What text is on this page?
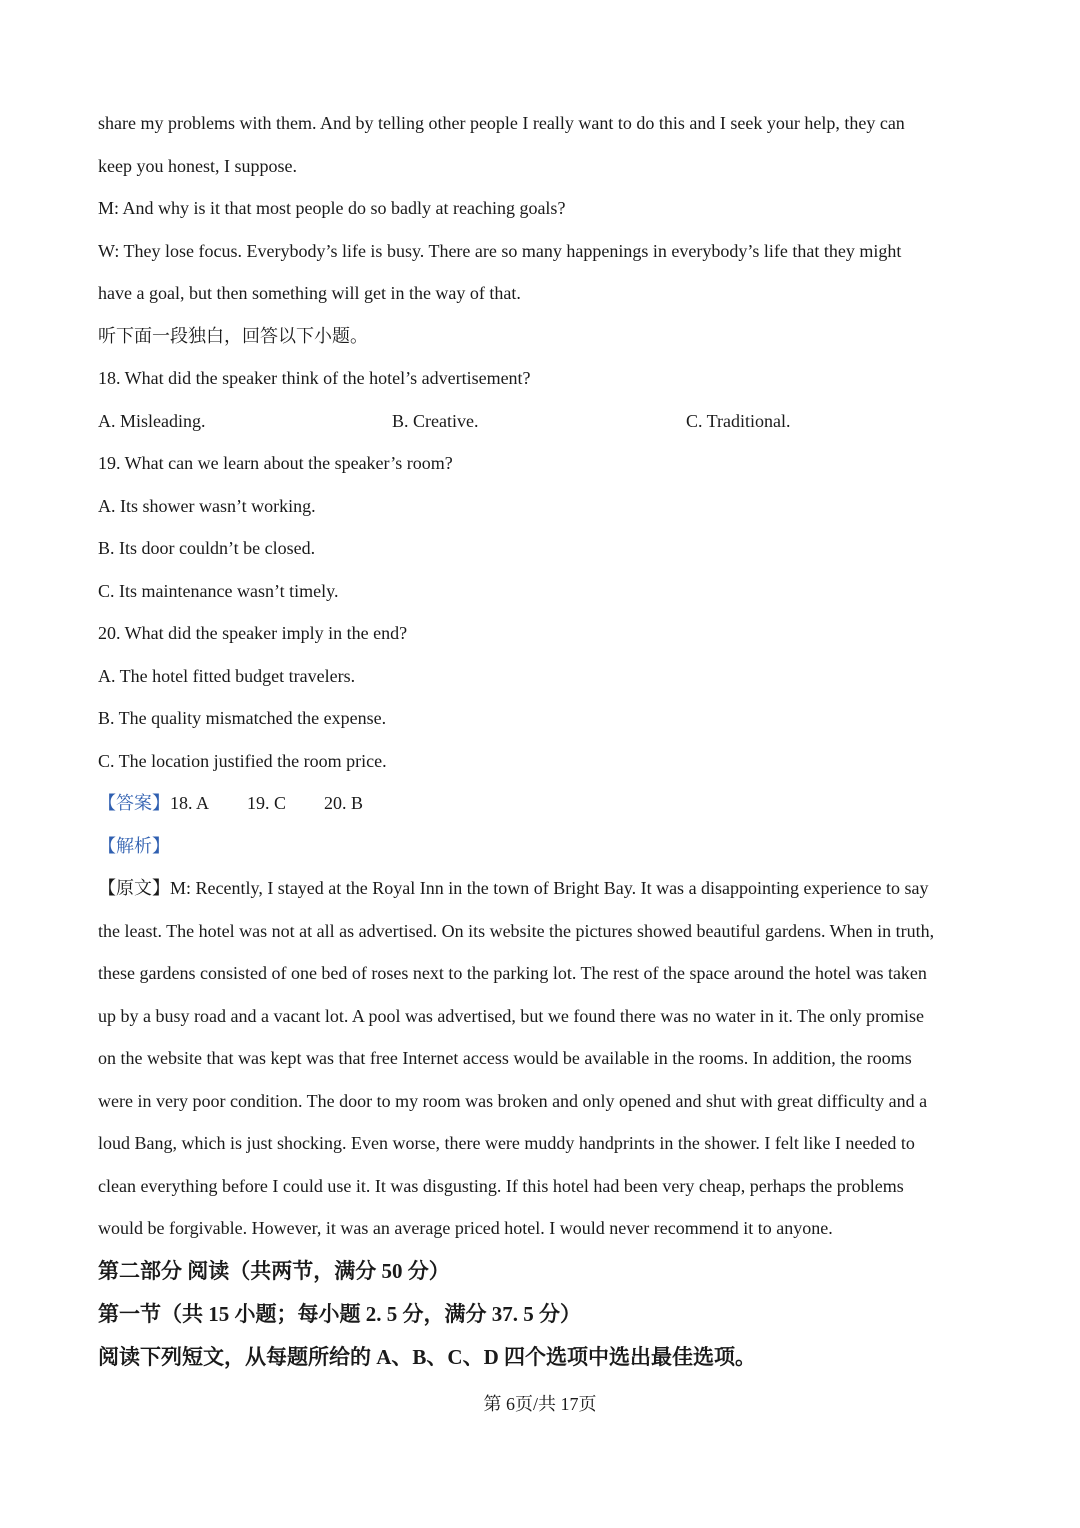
share my problems with them. And by telling other people I really want to do this and I seek your help, they can
keep you honest, I suppose.
M: And why is it that most people do so badly at reaching goals?
W: They lose focus. Everybody’s life is busy. There are so many happenings in everybody’s life that they might
have a goal, but then something will get in the way of that.
听下面一段独白，回答以下小题。
18. What did the speaker think of the hotel’s advertisement?
A. Misleading.	B. Creative.	C. Traditional.
19. What can we learn about the speaker’s room?
A. Its shower wasn’t working.
B. Its door couldn’t be closed.
C. Its maintenance wasn’t timely.
20. What did the speaker imply in the end?
A. The hotel fitted budget travelers.
B. The quality mismatched the expense.
C. The location justified the room price.
【答案】18. A 19. C 20. B
【解析】
【原文】M: Recently, I stayed at the Royal Inn in the town of Bright Bay. It was a disappointing experience to say
the least. The hotel was not at all as advertised. On its website the pictures showed beautiful gardens. When in truth,
these gardens consisted of one bed of roses next to the parking lot. The rest of the space around the hotel was taken
up by a busy road and a vacant lot. A pool was advertised, but we found there was no water in it. The only promise
on the website that was kept was that free Internet access would be available in the rooms. In addition, the rooms
were in very poor condition. The door to my room was broken and only opened and shut with great difficulty and a
loud Bang, which is just shocking. Even worse, there were muddy handprints in the shower. I felt like I needed to
clean everything before I could use it. It was disgusting. If this hotel had been very cheap, perhaps the problems
would be forgivable. However, it was an average priced hotel. I would never recommend it to anyone.
第二部分 阅读（共两节，满分 50 分）
第一节（共 15 小题；每小题 2. 5 分，满分 37. 5 分）
阅读下列短文，从每题所给的 A、B、C、D 四个选项中选出最佳选项。
第 6页/共 17页
